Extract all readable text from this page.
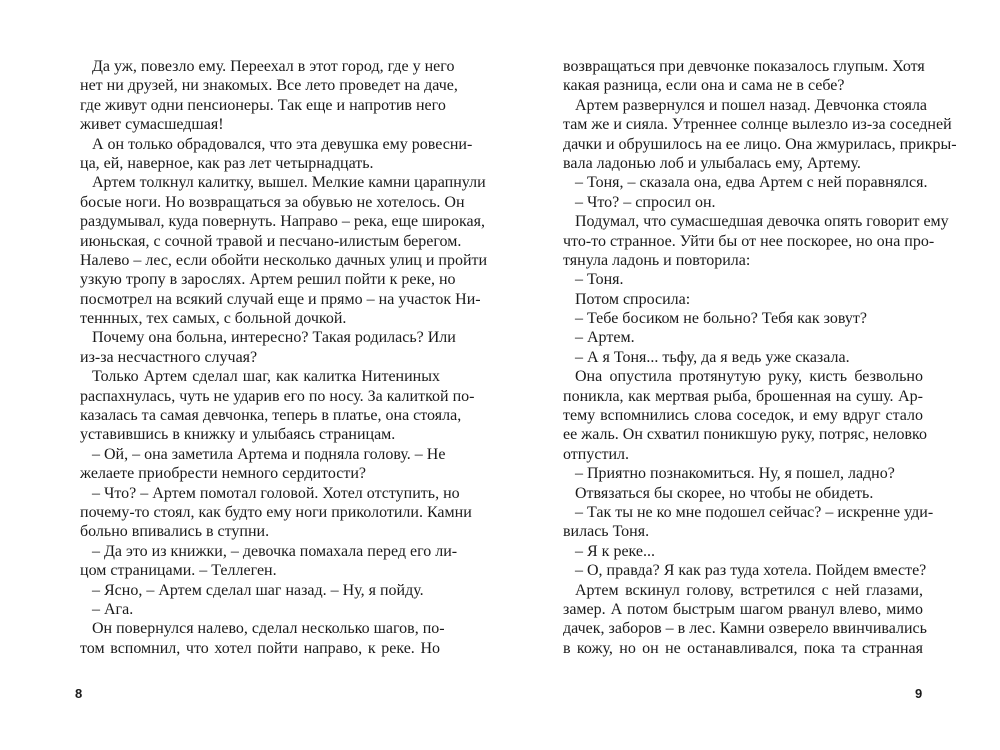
Да уж, повезло ему. Переехал в этот город, где у него
нет ни друзей, ни знакомых. Все лето проведет на даче,
где живут одни пенсионеры. Так еще и напротив него
живет сумасшедшая!
А он только обрадовался, что эта девушка ему ровесни-
ца, ей, наверное, как раз лет четырнадцать.
Артем толкнул калитку, вышел. Мелкие камни царапнули
босые ноги. Но возвращаться за обувью не хотелось. Он
раздумывал, куда повернуть. Направо – река, еще широкая,
июньская, с сочной травой и песчано-илистым берегом.
Налево – лес, если обойти несколько дачных улиц и пройти
узкую тропу в зарослях. Артем решил пойти к реке, но
посмотрел на всякий случай еще и прямо – на участок Ни-
теннных, тех самых, с больной дочкой.
Почему она больна, интересно? Такая родилась? Или
из-за несчастного случая?
Только Артем сделал шаг, как калитка Нитениных
распахнулась, чуть не ударив его по носу. За калиткой по-
казалась та самая девчонка, теперь в платье, она стояла,
уставившись в книжку и улыбаясь страницам.
– Ой, – она заметила Артема и подняла голову. – Не
желаете приобрести немного сердитости?
– Что? – Артем помотал головой. Хотел отступить, но
почему-то стоял, как будто ему ноги приколотили. Камни
больно впивались в ступни.
– Да это из книжки, – девочка помахала перед его ли-
цом страницами. – Теллеген.
– Ясно, – Артем сделал шаг назад. – Ну, я пойду.
– Ага.
Он повернулся налево, сделал несколько шагов, по-
том вспомнил, что хотел пойти направо, к реке. Но
возвращаться при девчонке показалось глупым. Хотя
какая разница, если она и сама не в себе?
Артем развернулся и пошел назад. Девчонка стояла
там же и сияла. Утреннее солнце вылезло из-за соседней
дачки и обрушилось на ее лицо. Она жмурилась, прикры-
вала ладонью лоб и улыбалась ему, Артему.
– Тоня, – сказала она, едва Артем с ней поравнялся.
– Что? – спросил он.
Подумал, что сумасшедшая девочка опять говорит ему
что-то странное. Уйти бы от нее поскорее, но она про-
тянула ладонь и повторила:
– Тоня.
Потом спросила:
– Тебе босиком не больно? Тебя как зовут?
– Артем.
– А я Тоня... тьфу, да я ведь уже сказала.
Она опустила протянутую руку, кисть безвольно
поникла, как мертвая рыба, брошенная на сушу. Ар-
тему вспомнились слова соседок, и ему вдруг стало
ее жаль. Он схватил поникшую руку, потряс, неловко
отпустил.
– Приятно познакомиться. Ну, я пошел, ладно?
Отвязаться бы скорее, но чтобы не обидеть.
– Так ты не ко мне подошел сейчас? – искренне уди-
вилась Тоня.
– Я к реке...
– О, правда? Я как раз туда хотела. Пойдем вместе?
Артем вскинул голову, встретился с ней глазами,
замер. А потом быстрым шагом рванул влево, мимо
дачек, заборов – в лес. Камни озверело ввинчивались
в кожу, но он не останавливался, пока та странная
8	9
